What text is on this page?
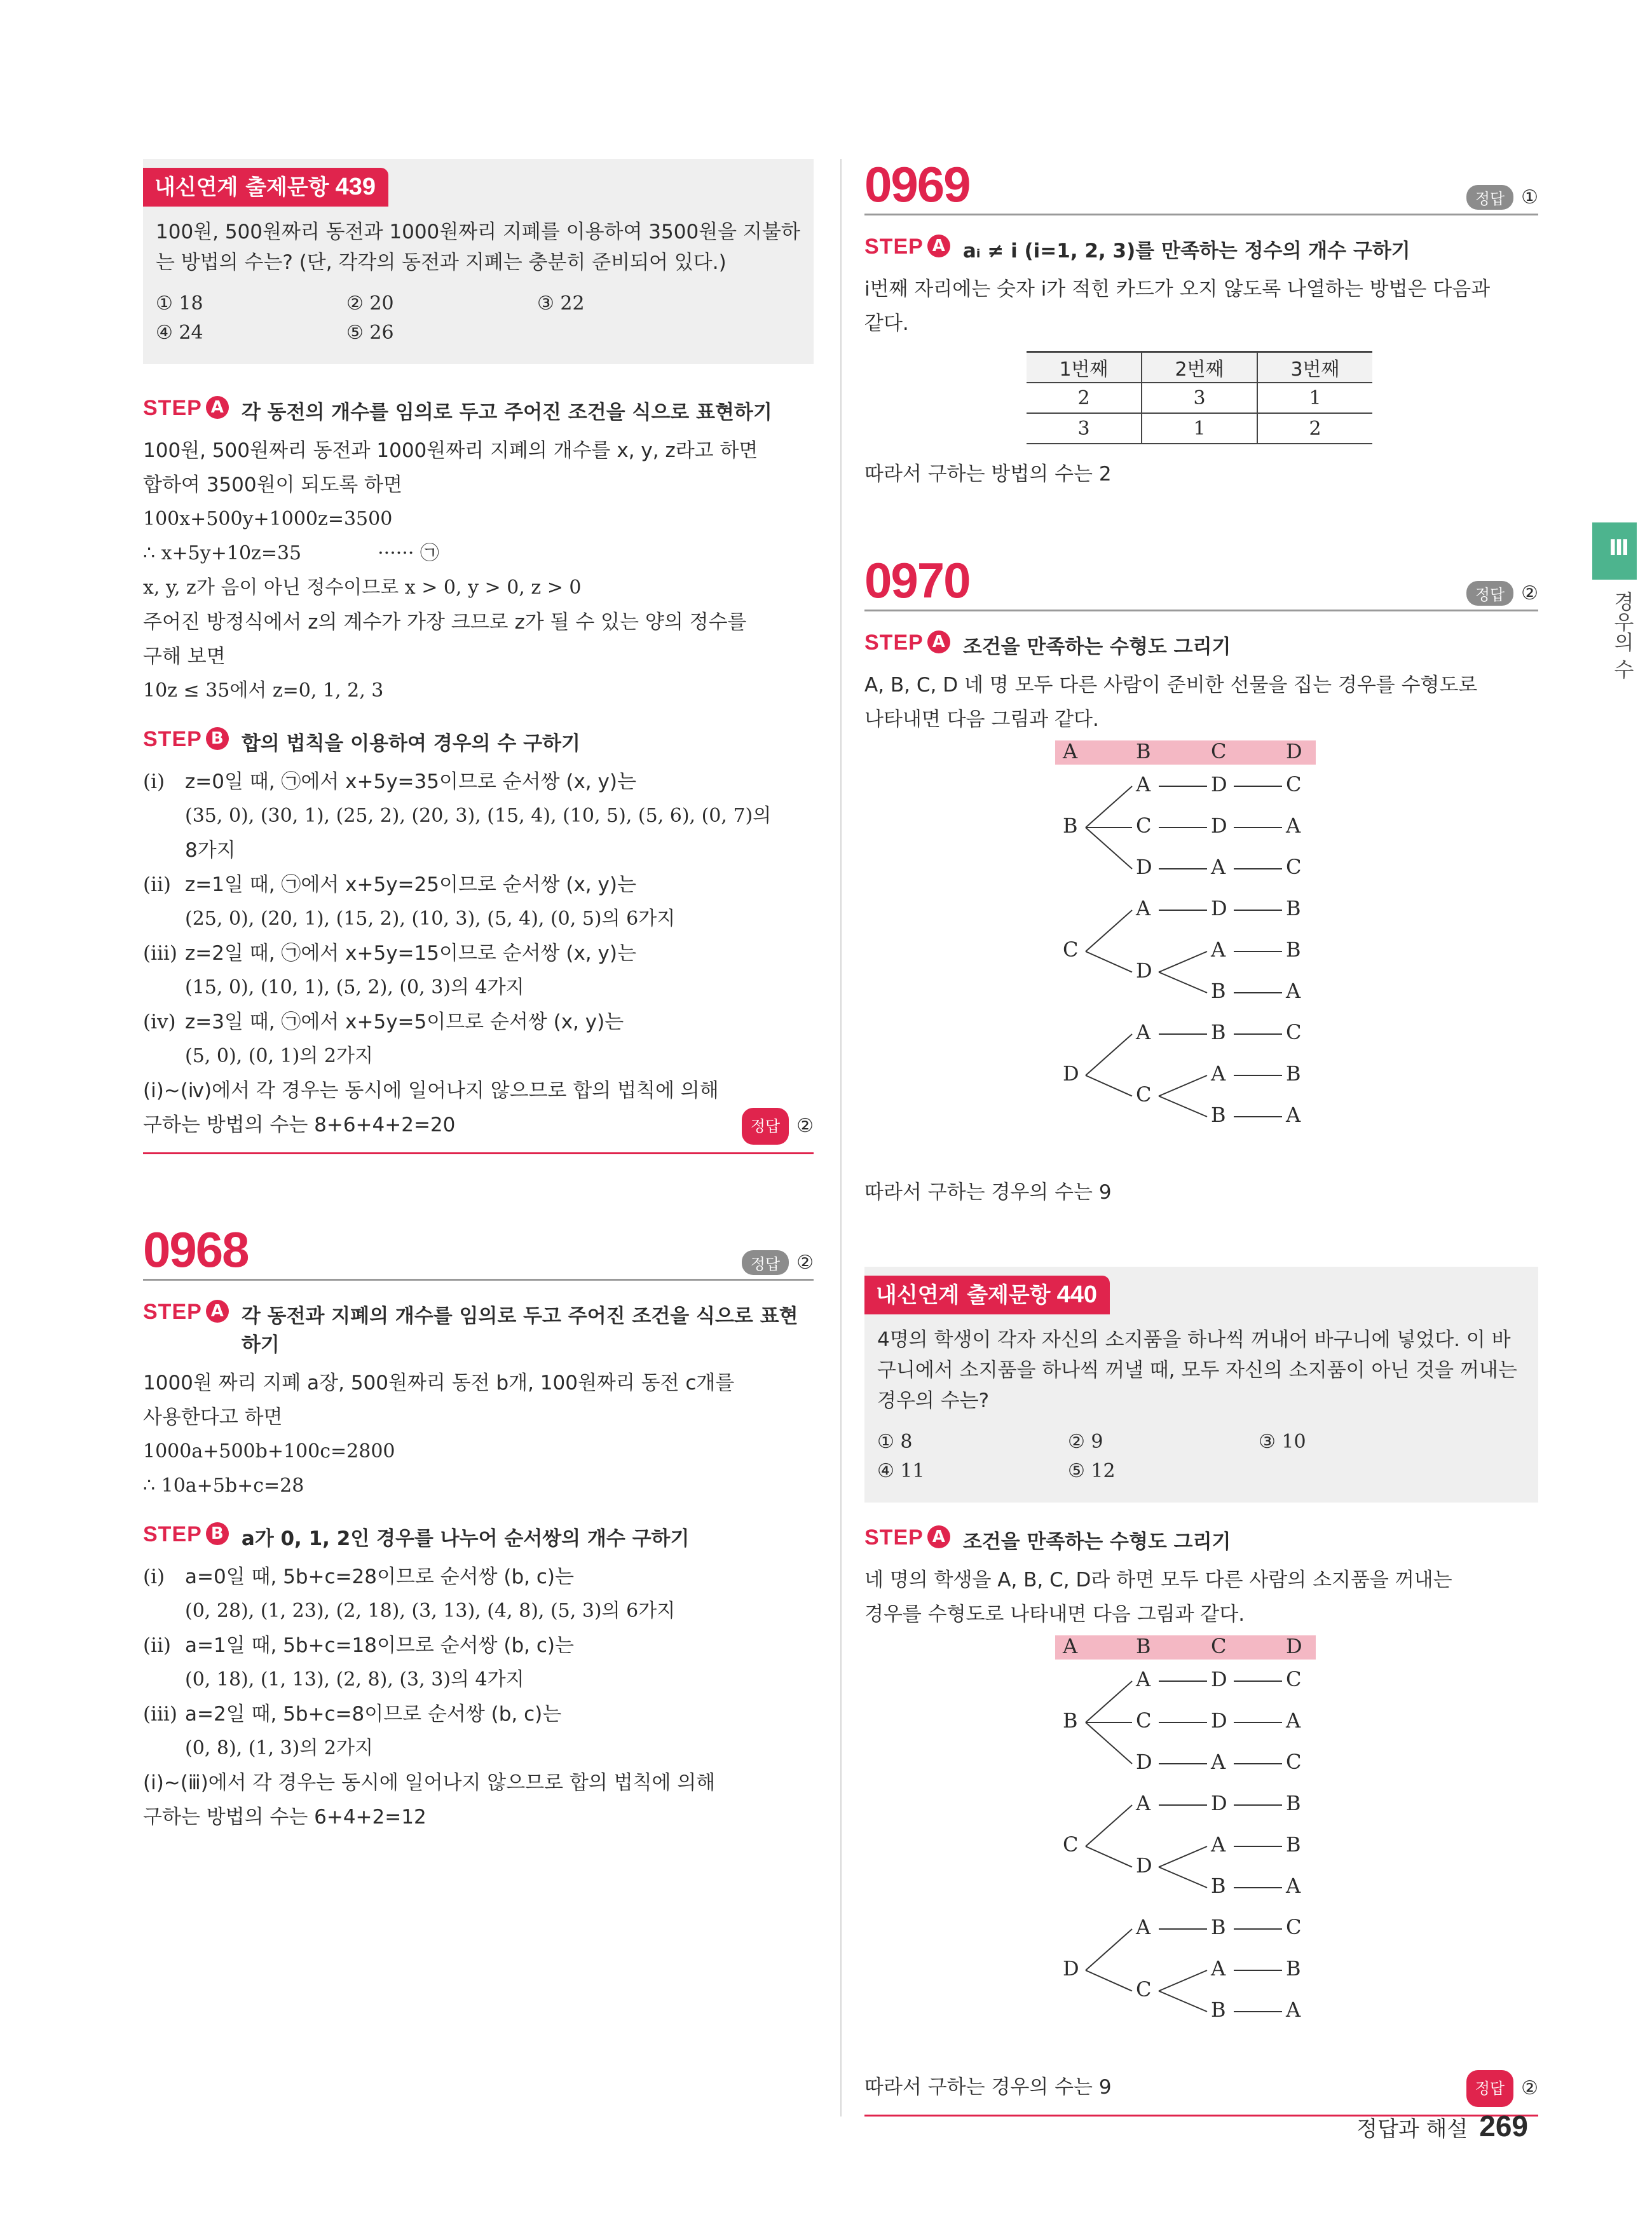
내신연계 출제문항 439
100원, 500원짜리 동전과 1000원짜리 지폐를 이용하여 3500원을 지불하는 방법의 수는? (단, 각각의 동전과 지폐는 충분히 준비되어 있다.)
① 18	② 20	③ 22
④ 24	⑤ 26
STEP A 각 동전의 개수를 임의로 두고 주어진 조건을 식으로 표현하기
100원, 500원짜리 동전과 1000원짜리 지폐의 개수를 x, y, z라고 하면
합하여 3500원이 되도록 하면
100x+500y+1000z=3500
∴ x+5y+10z=35	······ ㉠
x, y, z가 음이 아닌 정수이므로 x > 0, y > 0, z > 0
주어진 방정식에서 z의 계수가 가장 크므로 z가 될 수 있는 양의 정수를
구해 보면
10z ≤ 35에서 z=0, 1, 2, 3
STEP B 합의 법칙을 이용하여 경우의 수 구하기
(ⅰ)	z=0일 때, ㉠에서 x+5y=35이므로 순서쌍 (x, y)는
(35, 0), (30, 1), (25, 2), (20, 3), (15, 4), (10, 5), (5, 6), (0, 7)의
8가지
(ⅱ) z=1일 때, ㉠에서 x+5y=25이므로 순서쌍 (x, y)는
(25, 0), (20, 1), (15, 2), (10, 3), (5, 4), (0, 5)의 6가지
(ⅲ) z=2일 때, ㉠에서 x+5y=15이므로 순서쌍 (x, y)는
(15, 0), (10, 1), (5, 2), (0, 3)의 4가지
(ⅳ) z=3일 때, ㉠에서 x+5y=5이므로 순서쌍 (x, y)는
(5, 0), (0, 1)의 2가지
(ⅰ)~(ⅳ)에서 각 경우는 동시에 일어나지 않으므로 합의 법칙에 의해
구하는 방법의 수는 8+6+4+2=20	정답 ②
0968	정답 ②
STEP A 각 동전과 지폐의 개수를 임의로 두고 주어진 조건을 식으로 표현하기
1000원 짜리 지폐 a장, 500원짜리 동전 b개, 100원짜리 동전 c개를
사용한다고 하면
1000a+500b+100c=2800
∴ 10a+5b+c=28
STEP B a가 0, 1, 2인 경우를 나누어 순서쌍의 개수 구하기
(ⅰ)	a=0일 때, 5b+c=28이므로 순서쌍 (b, c)는
(0, 28), (1, 23), (2, 18), (3, 13), (4, 8), (5, 3)의 6가지
(ⅱ) a=1일 때, 5b+c=18이므로 순서쌍 (b, c)는
(0, 18), (1, 13), (2, 8), (3, 3)의 4가지
(ⅲ) a=2일 때, 5b+c=8이므로 순서쌍 (b, c)는
(0, 8), (1, 3)의 2가지
(ⅰ)~(ⅲ)에서 각 경우는 동시에 일어나지 않으므로 합의 법칙에 의해
구하는 방법의 수는 6+4+2=12
0969	정답 ①
STEP A aᵢ ≠ i (i=1, 2, 3)를 만족하는 정수의 개수 구하기
i번째 자리에는 숫자 i가 적힌 카드가 오지 않도록 나열하는 방법은 다음과
같다.
1번째	2번째	3번째
2	3	1
3	1	2
따라서 구하는 방법의 수는 2
0970	정답 ②
STEP A 조건을 만족하는 수형도 그리기
A, B, C, D 네 명 모두 다른 사람이 준비한 선물을 집는 경우를 수형도로
나타내면 다음 그림과 같다.
A	B	C	D
B
A	D	C
C	D	A
D	A	C
C
A	D	B
D
A	B
B	A
D
A	B	C
C
A	B
B	A
따라서 구하는 경우의 수는 9
내신연계 출제문항 440
4명의 학생이 각자 자신의 소지품을 하나씩 꺼내어 바구니에 넣었다. 이 바구니에서 소지품을 하나씩 꺼낼 때, 모두 자신의 소지품이 아닌 것을 꺼내는 경우의 수는?
① 8	② 9	③ 10
④ 11	⑤ 12
STEP A 조건을 만족하는 수형도 그리기
네 명의 학생을 A, B, C, D라 하면 모두 다른 사람의 소지품을 꺼내는
경우를 수형도로 나타내면 다음 그림과 같다.
A	B	C	D
B
A	D	C
C	D	A
D	A	C
C
A	D	B
D
A	B
B	A
D
A	B	C
C
A	B
B	A
따라서 구하는 경우의 수는 9	정답 ②
Ⅲ
경우의 수
정답과 해설 269
